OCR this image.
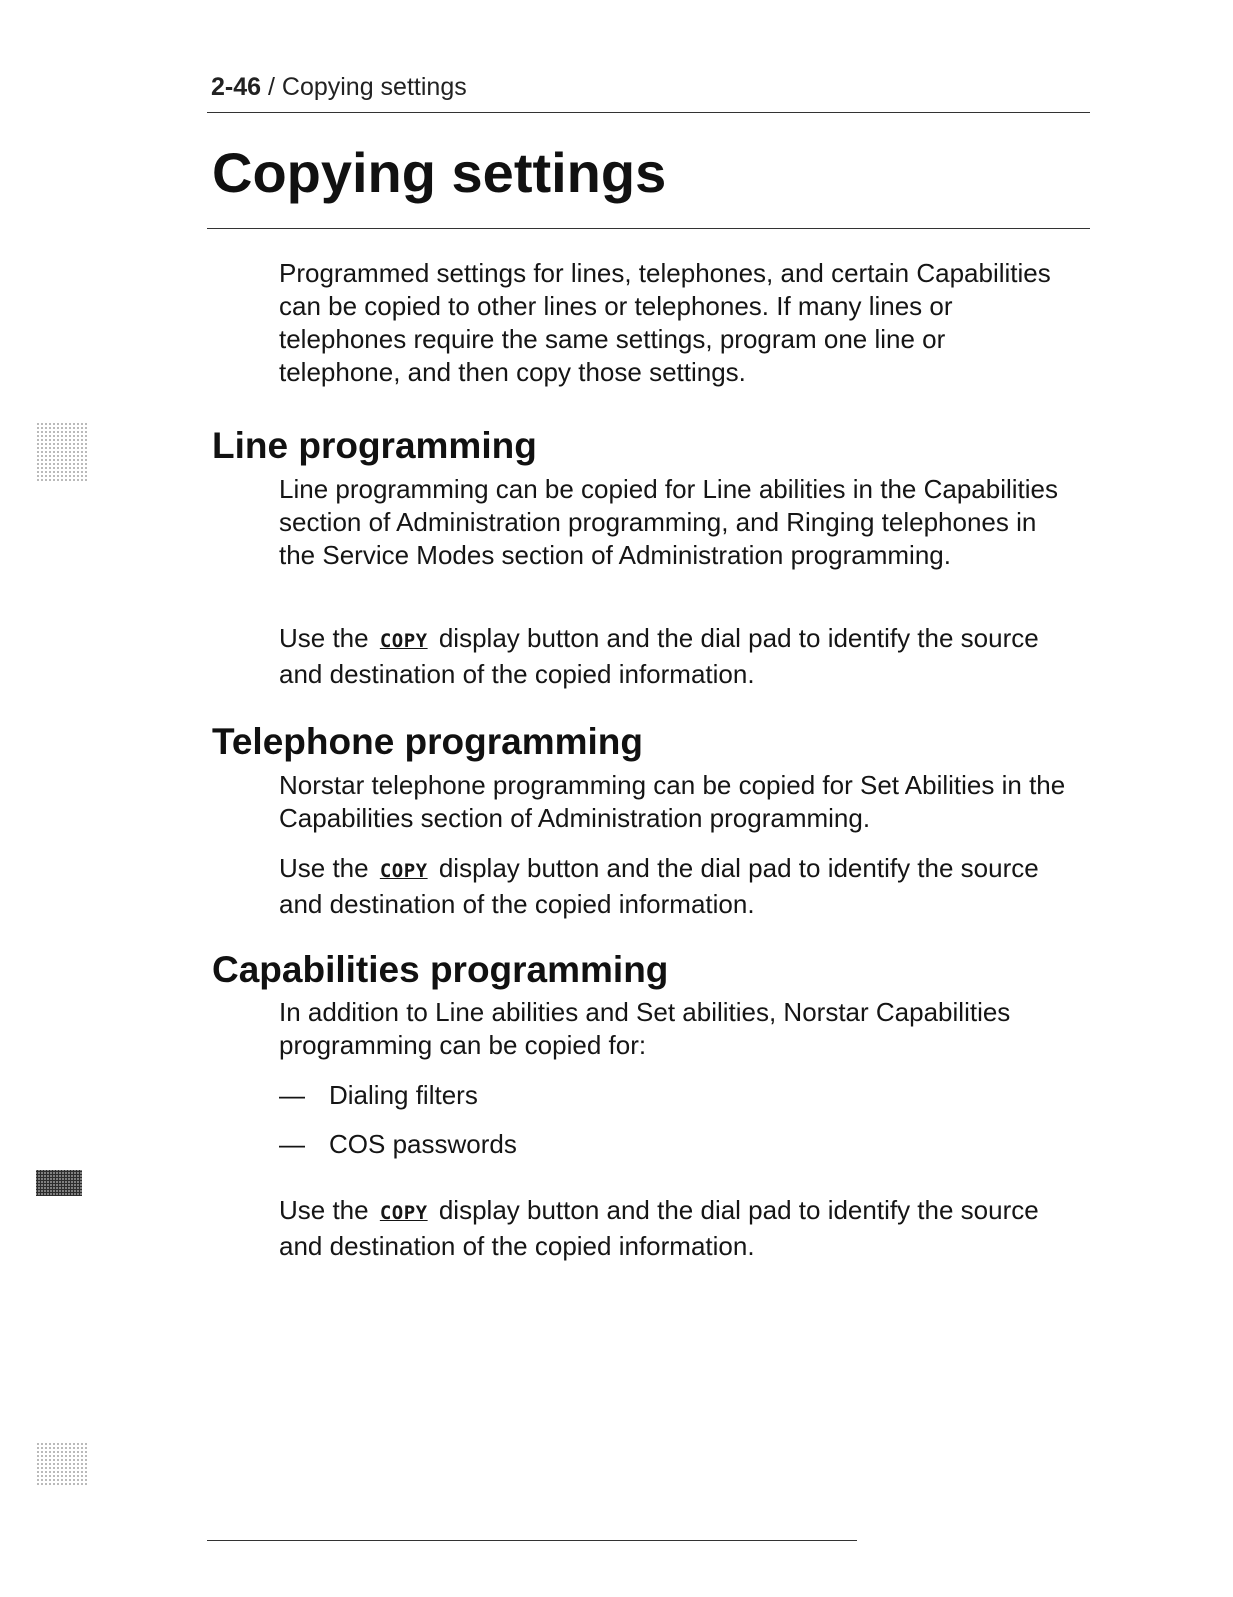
2-46 / Copying settings
Copying settings

Programmed settings for lines, telephones, and certain Capabilities can be copied to other lines or telephones. If many lines or telephones require the same settings, program one line or telephone, and then copy those settings.

Line programming

Line programming can be copied for Line abilities in the Capabilities section of Administration programming, and Ringing telephones in the Service Modes section of Administration programming.

Use the COPY display button and the dial pad to identify the source and destination of the copied information.

Telephone programming

Norstar telephone programming can be copied for Set Abilities in the Capabilities section of Administration programming.

Use the COPY display button and the dial pad to identify the source and destination of the copied information.

Capabilities programming

In addition to Line abilities and Set abilities, Norstar Capabilities programming can be copied for:

— Dialing filters
— COS passwords

Use the COPY display button and the dial pad to identify the source and destination of the copied information.
